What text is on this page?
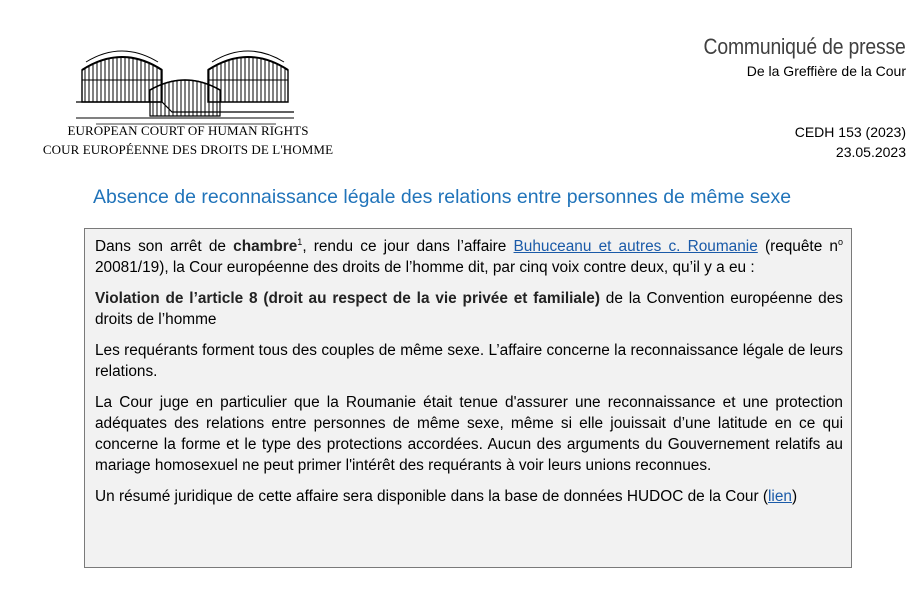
EUROPEAN COURT OF HUMAN RIGHTS
COUR EUROPÉENNE DES DROITS DE L'HOMME
Communiqué de presse
De la Greffière de la Cour
CEDH 153 (2023)
23.05.2023
Absence de reconnaissance légale des relations entre personnes de même sexe

Dans son arrêt de chambre$^1$, rendu ce jour dans l’affaire Buhuceanu et autres c. Roumanie (requête $n^o$ 20081/19), la Cour européenne des droits de l’homme dit, par cinq voix contre deux, qu’il y a eu :

Violation de l’article 8 (droit au respect de la vie privée et familiale) de la Convention européenne des droits de l’homme

Les requérants forment tous des couples de même sexe. L’affaire concerne la reconnaissance légale de leurs relations.

La Cour juge en particulier que la Roumanie était tenue d'assurer une reconnaissance et une protection adéquates des relations entre personnes de même sexe, même si elle jouissait d’une latitude en ce qui concerne la forme et le type des protections accordées. Aucun des arguments du Gouvernement relatifs au mariage homosexuel ne peut primer l'intérêt des requérants à voir leurs unions reconnues.

Un résumé juridique de cette affaire sera disponible dans la base de données HUDOC de la Cour (lien)
